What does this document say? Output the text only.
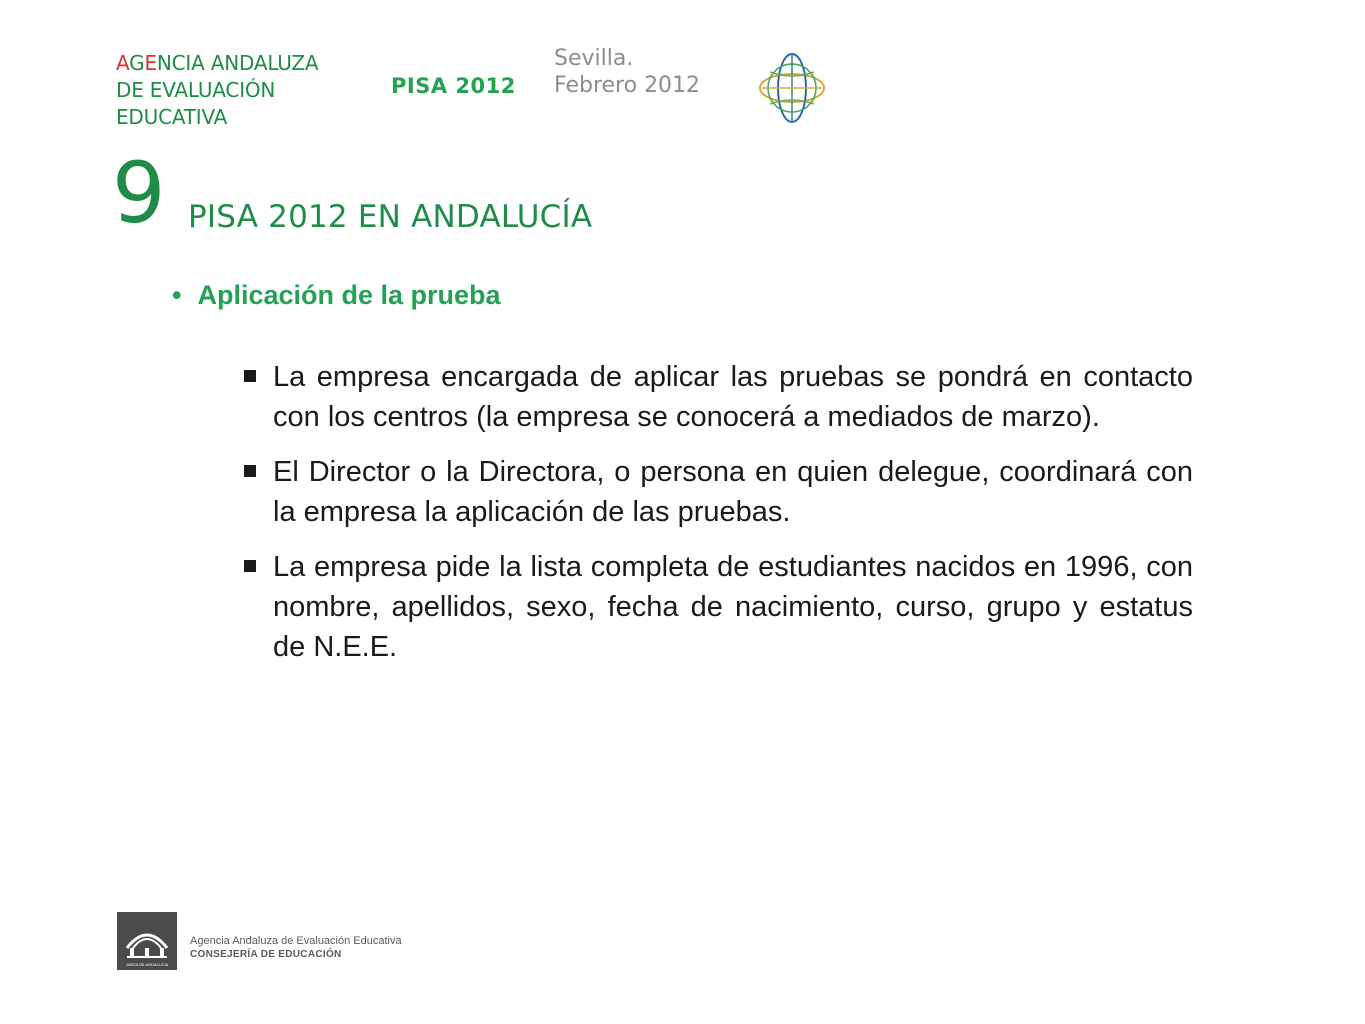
AGENCIA ANDALUZA
DE EVALUACIÓN
EDUCATIVA
PISA 2012
Sevilla.
Febrero 2012
9 PISA 2012 EN ANDALUCÍA
• Aplicación de la prueba
La empresa encargada de aplicar las pruebas se pondrá en contacto con los centros (la empresa se conocerá a mediados de marzo).
El Director o la Directora, o persona en quien delegue, coordinará con la empresa la aplicación de las pruebas.
La empresa pide la lista completa de estudiantes nacidos en 1996, con nombre, apellidos, sexo, fecha de nacimiento, curso, grupo y estatus de N.E.E.
JUNTA DE ANDALUCIA
Agencia Andaluza de Evaluación Educativa
CONSEJERÍA DE EDUCACIÓN
